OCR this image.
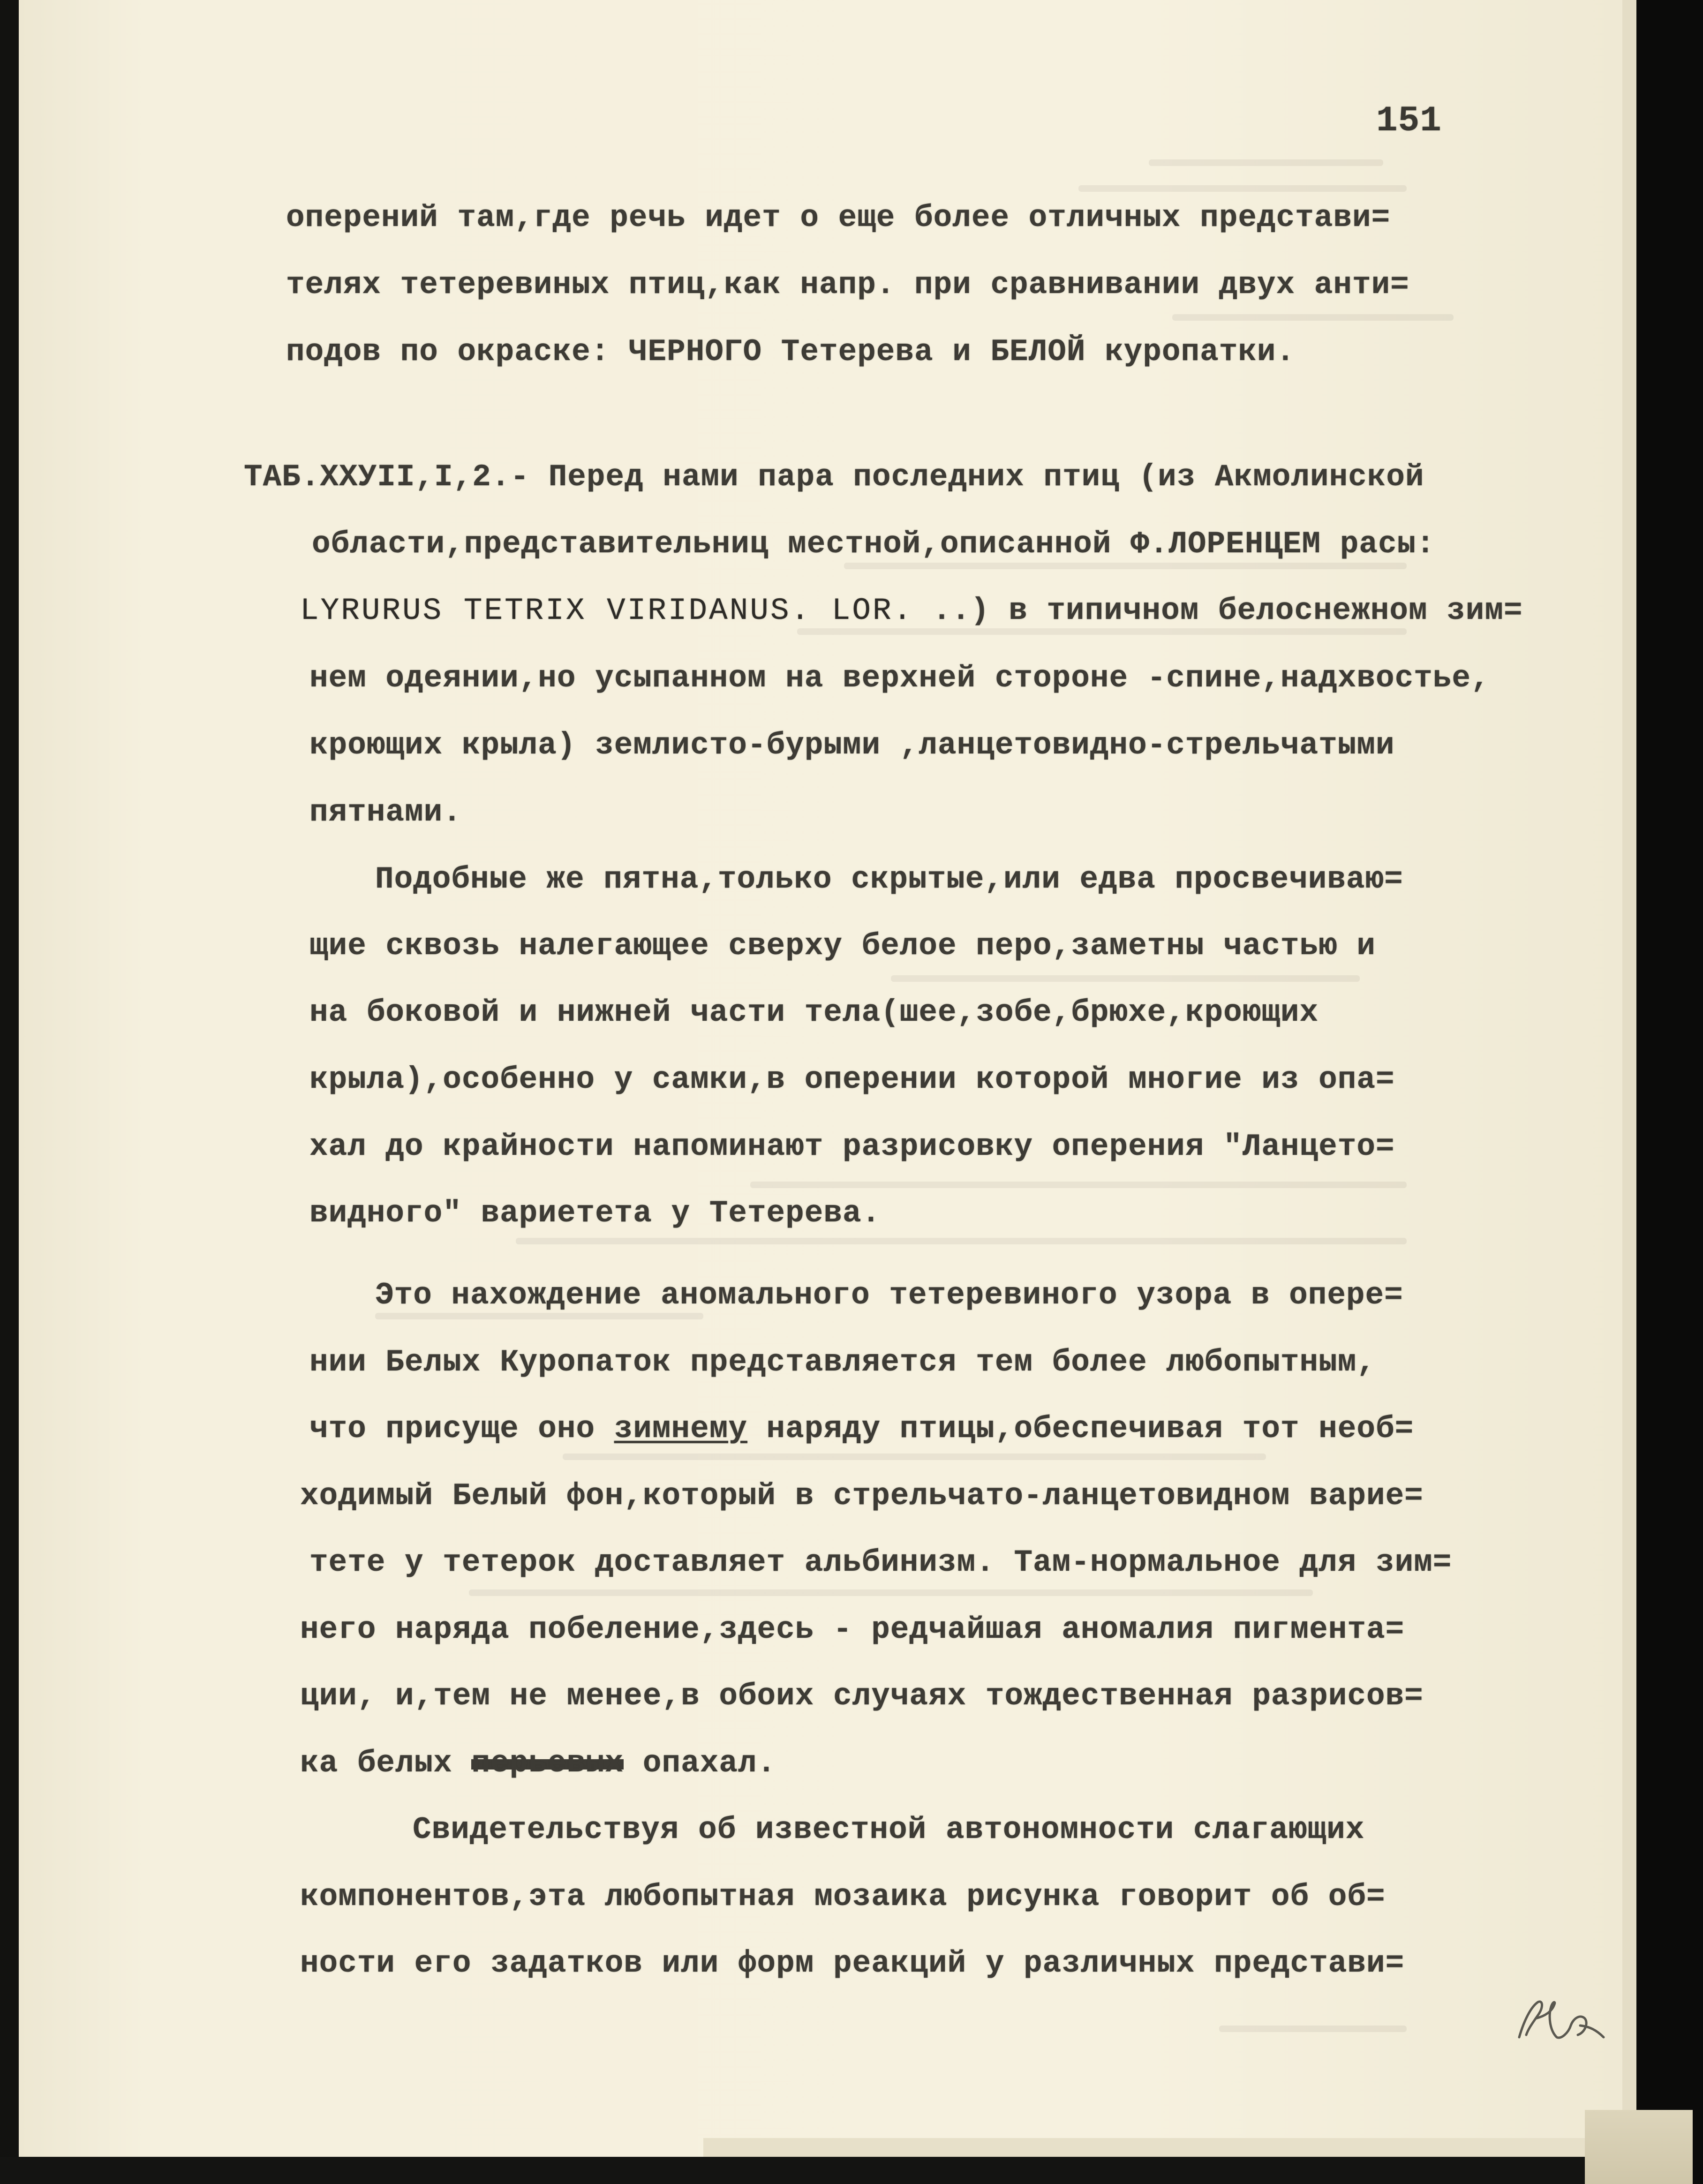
151
оперений там,где речь идет о еще более отличных представи=
телях тетеревиных птиц,как напр. при сравнивании двух анти=
подов по окраске: ЧЕРНОГО Тетерева и БЕЛОЙ куропатки.
ТАБ.XXУII,I,2.- Перед нами пара последних птиц (из Акмолинской
области,представительниц местной,описанной Ф.ЛОРЕНЦЕМ расы:
LYRURUS TETRIX VIRIDANUS. LOR. ..) в типичном белоснежном зим=
нем одеянии,но усыпанном на верхней стороне -спине,надхвостье,
кроющих крыла) землисто-бурыми ,ланцетовидно-стрельчатыми
пятнами.
Подобные же пятна,только скрытые,или едва просвечиваю=
щие сквозь налегающее сверху белое перо,заметны частью и
на боковой и нижней части тела(шее,зобе,брюхе,кроющих
крыла),особенно у самки,в оперении которой многие из опа=
хал до крайности напоминают разрисовку оперения "Ланцето=
видного" вариетета у Тетерева.
Это нахождение аномального тетеревиного узора в опере=
нии Белых Куропаток представляется тем более любопытным,
что присуще оно зимнему наряду птицы,обеспечивая тот необ=
ходимый Белый фон,который в стрельчато-ланцетовидном варие=
тете у тетерок доставляет альбинизм. Там-нормальное для зим=
него наряда побеление,здесь - редчайшая аномалия пигмента=
ции, и,тем не менее,в обоих случаях тождественная разрисов=
ка белых перьевых опахал.
Свидетельствуя об известной автономности слагающих
компонентов,эта любопытная мозаика рисунка говорит об об=
ности его задатков или форм реакций у различных представи=
